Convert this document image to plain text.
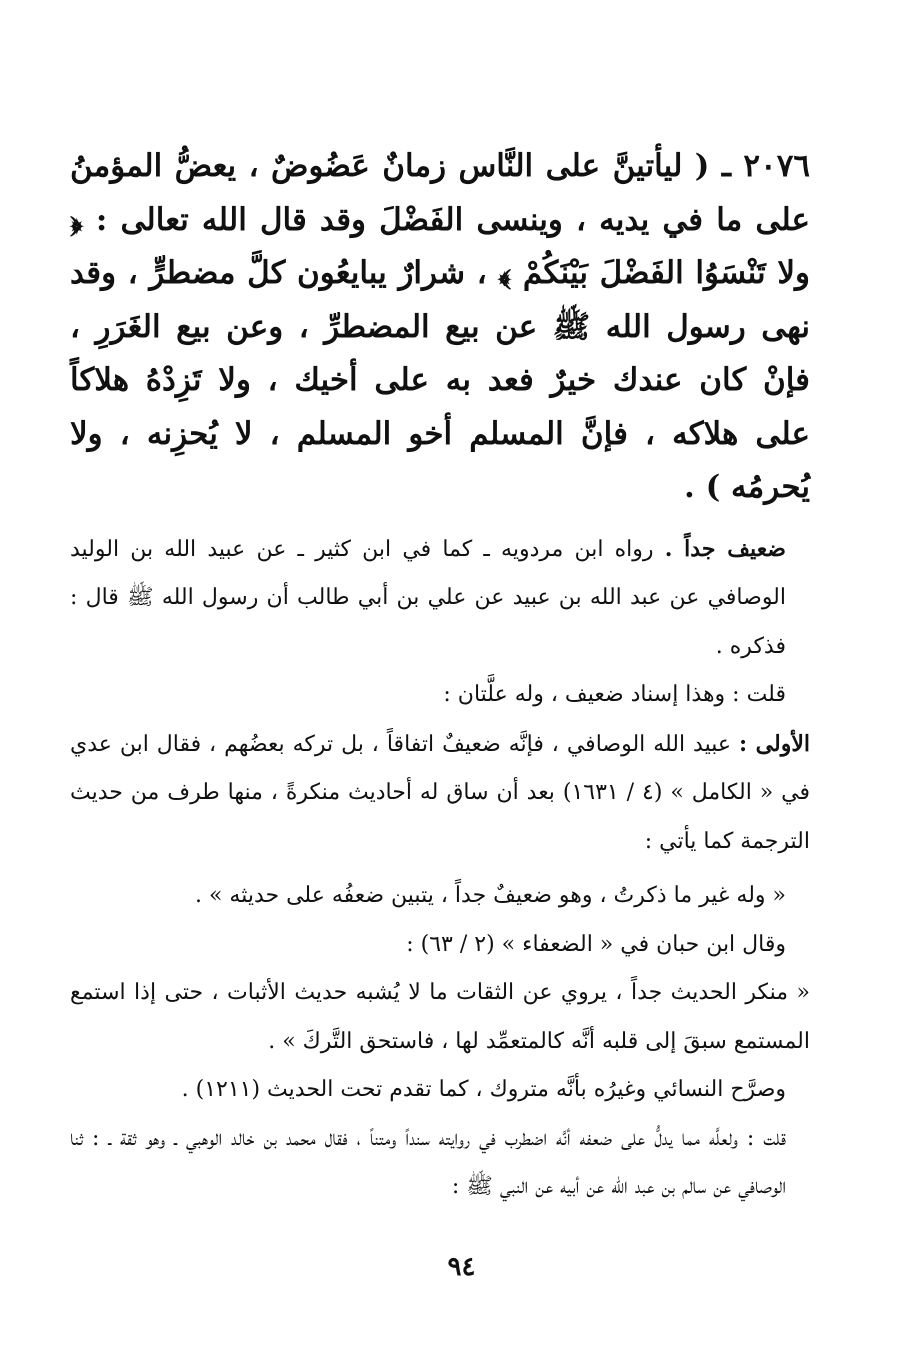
٢٠٧٦ ـ ( ليأتينَّ على النَّاس زمانٌ عَضُوضٌ ، يعضُّ المؤمنُ على ما في يديه ، وينسى الفَضْلَ وقد قال الله تعالى : ﴿ ولا تَنْسَوُا الفَضْلَ بَيْنَكُمْ ﴾ ، شرارٌ يبايعُون كلَّ مضطرٍّ ، وقد نهى رسول الله ﷺ عن بيع المضطرِّ ، وعن بيع الغَرَرِ ، فإنْ كان عندك خيرٌ فعد به على أخيك ، ولا تَزِدْهُ هلاكاً على هلاكه ، فإنَّ المسلم أخو المسلم ، لا يُحزِنه ، ولا يُحرمُه ) .

ضعيف جداً . رواه ابن مردويه ـ كما في ابن كثير ـ عن عبيد الله بن الوليد الوصافي عن عبد الله بن عبيد عن علي بن أبي طالب أن رسول الله ﷺ قال : فذكره .

قلت : وهذا إسناد ضعيف ، وله علَّتان :

الأولى : عبيد الله الوصافي ، فإنَّه ضعيفٌ اتفاقاً ، بل تركه بعضُهم ، فقال ابن عدي في « الكامل » (٤ / ١٦٣١) بعد أن ساق له أحاديث منكرةً ، منها طرف من حديث الترجمة كما يأتي :

« وله غير ما ذكرتُ ، وهو ضعيفٌ جداً ، يتبين ضعفُه على حديثه » .

وقال ابن حبان في « الضعفاء » (٢ / ٦٣) :

« منكر الحديث جداً ، يروي عن الثقات ما لا يُشبه حديث الأثبات ، حتى إذا استمع المستمع سبقَ إلى قلبه أنَّه كالمتعمِّد لها ، فاستحق التَّركَ » .

وصرَّح النسائي وغيرُه بأنَّه متروك ، كما تقدم تحت الحديث (١٢١١) .

قلت : ولعلَّه مما يدلُّ على ضعفه أنَّه اضطرب في روايته سنداً ومتناً ، فقال محمد بن خالد الوهبي ـ وهو ثقة ـ : ثنا الوصافي عن سالم بن عبد الله عن أبيه عن النبي ﷺ :

٩٤
